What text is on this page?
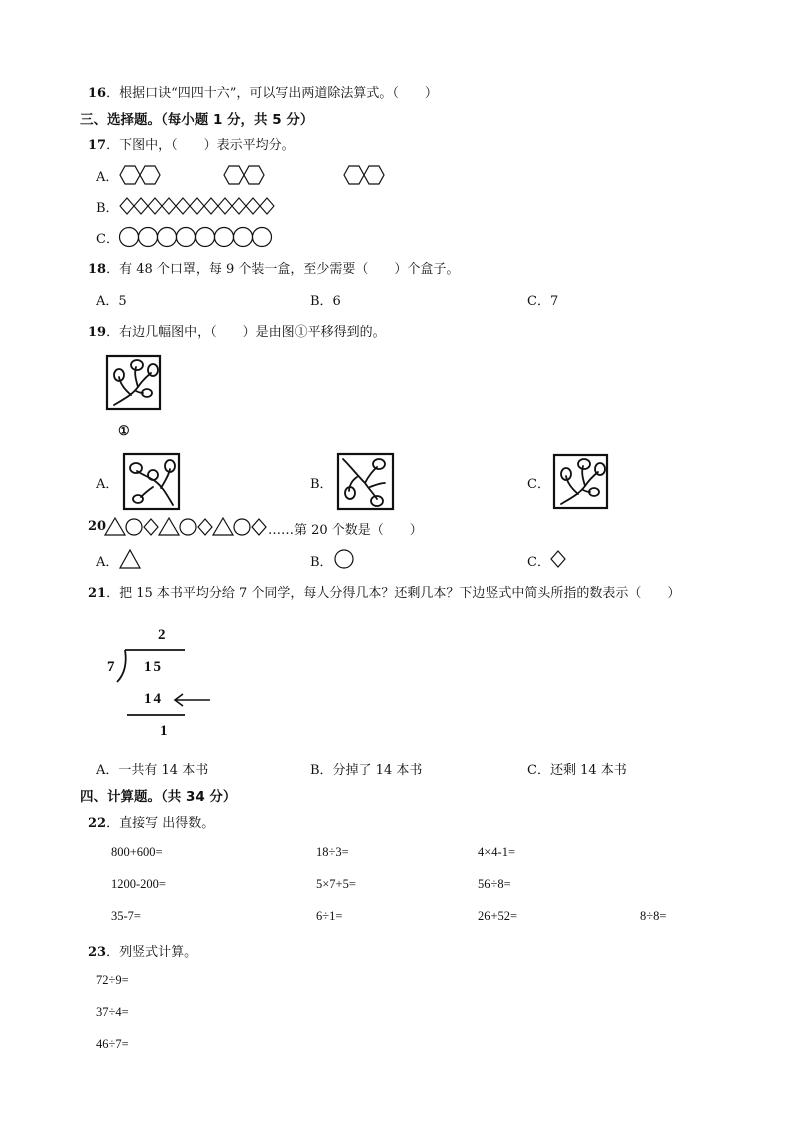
16．根据口诀“四四十六”，可以写出两道除法算式。（　　）
三、选择题。（每小题 1 分，共 5 分）
17．下图中，（　　）表示平均分。
A．
B．
C．
18．有 48 个口罩，每 9 个装一盒，至少需要（　　）个盒子。
A．5	B．6	C．7
19．右边几幅图中，（　　）是由图①平移得到的。
①
A．	B．	C．
20	……第 20 个数是（　　）
A．	B．	C．
21．把 15 本书平均分给 7 个同学，每人分得几本？还剩几本？下边竖式中简头所指的数表示（　　）
2
7 15
14
1
A．一共有 14 本书	B．分掉了 14 本书	C．还剩 14 本书
四、计算题。（共 34 分）
22．直接写 出得数。
800+600=	18÷3=	4×4-1=
1200-200=	5×7+5=	56÷8=
35-7=	6÷1=	26+52=	8÷8=
23．列竖式计算。
72÷9=
37÷4=
46÷7=
